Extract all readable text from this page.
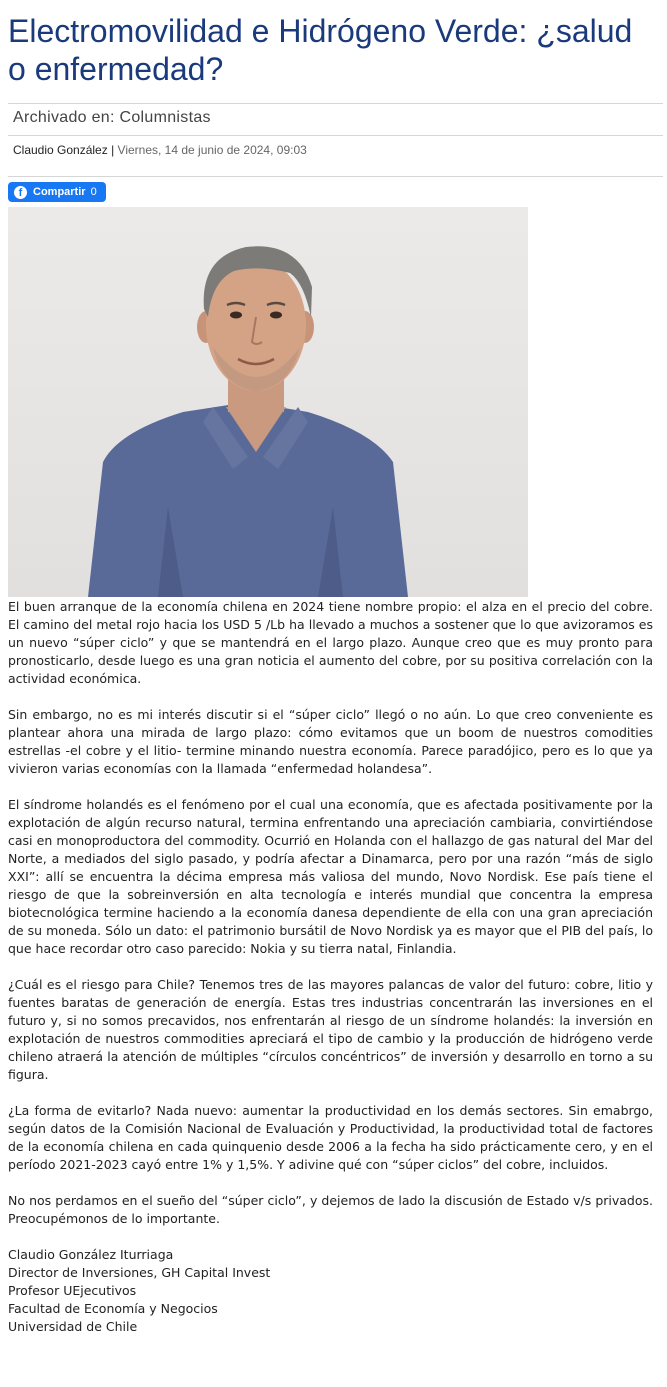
Electromovilidad e Hidrógeno Verde: ¿salud o enfermedad?
Archivado en: Columnistas
Claudio González | Viernes, 14 de junio de 2024, 09:03
f Compartir 0

El buen arranque de la economía chilena en 2024 tiene nombre propio: el alza en el precio del cobre. El camino del metal rojo hacia los USD 5 /Lb ha llevado a muchos a sostener que lo que avizoramos es un nuevo “súper ciclo” y que se mantendrá en el largo plazo. Aunque creo que es muy pronto para pronosticarlo, desde luego es una gran noticia el aumento del cobre, por su positiva correlación con la actividad económica.

Sin embargo, no es mi interés discutir si el “súper ciclo” llegó o no aún. Lo que creo conveniente es plantear ahora una mirada de largo plazo: cómo evitamos que un boom de nuestros comodities estrellas -el cobre y el litio- termine minando nuestra economía. Parece paradójico, pero es lo que ya vivieron varias economías con la llamada “enfermedad holandesa”.

El síndrome holandés es el fenómeno por el cual una economía, que es afectada positivamente por la explotación de algún recurso natural, termina enfrentando una apreciación cambiaria, convirtiéndose casi en monoproductora del commodity. Ocurrió en Holanda con el hallazgo de gas natural del Mar del Norte, a mediados del siglo pasado, y podría afectar a Dinamarca, pero por una razón “más de siglo XXI”: allí se encuentra la décima empresa más valiosa del mundo, Novo Nordisk. Ese país tiene el riesgo de que la sobreinversión en alta tecnología e interés mundial que concentra la empresa biotecnológica termine haciendo a la economía danesa dependiente de ella con una gran apreciación de su moneda. Sólo un dato: el patrimonio bursátil de Novo Nordisk ya es mayor que el PIB del país, lo que hace recordar otro caso parecido: Nokia y su tierra natal, Finlandia.

¿Cuál es el riesgo para Chile? Tenemos tres de las mayores palancas de valor del futuro: cobre, litio y fuentes baratas de generación de energía. Estas tres industrias concentrarán las inversiones en el futuro y, si no somos precavidos, nos enfrentarán al riesgo de un síndrome holandés: la inversión en explotación de nuestros commodities apreciará el tipo de cambio y la producción de hidrógeno verde chileno atraerá la atención de múltiples “círculos concéntricos” de inversión y desarrollo en torno a su figura.

¿La forma de evitarlo? Nada nuevo: aumentar la productividad en los demás sectores. Sin emabrgo, según datos de la Comisión Nacional de Evaluación y Productividad, la productividad total de factores de la economía chilena en cada quinquenio desde 2006 a la fecha ha sido prácticamente cero, y en el período 2021-2023 cayó entre 1% y 1,5%. Y adivine qué con “súper ciclos” del cobre, incluidos.

No nos perdamos en el sueño del “súper ciclo”, y dejemos de lado la discusión de Estado v/s privados. Preocupémonos de lo importante.

Claudio González Iturriaga
Director de Inversiones, GH Capital Invest
Profesor UEjecutivos
Facultad de Economía y Negocios
Universidad de Chile
